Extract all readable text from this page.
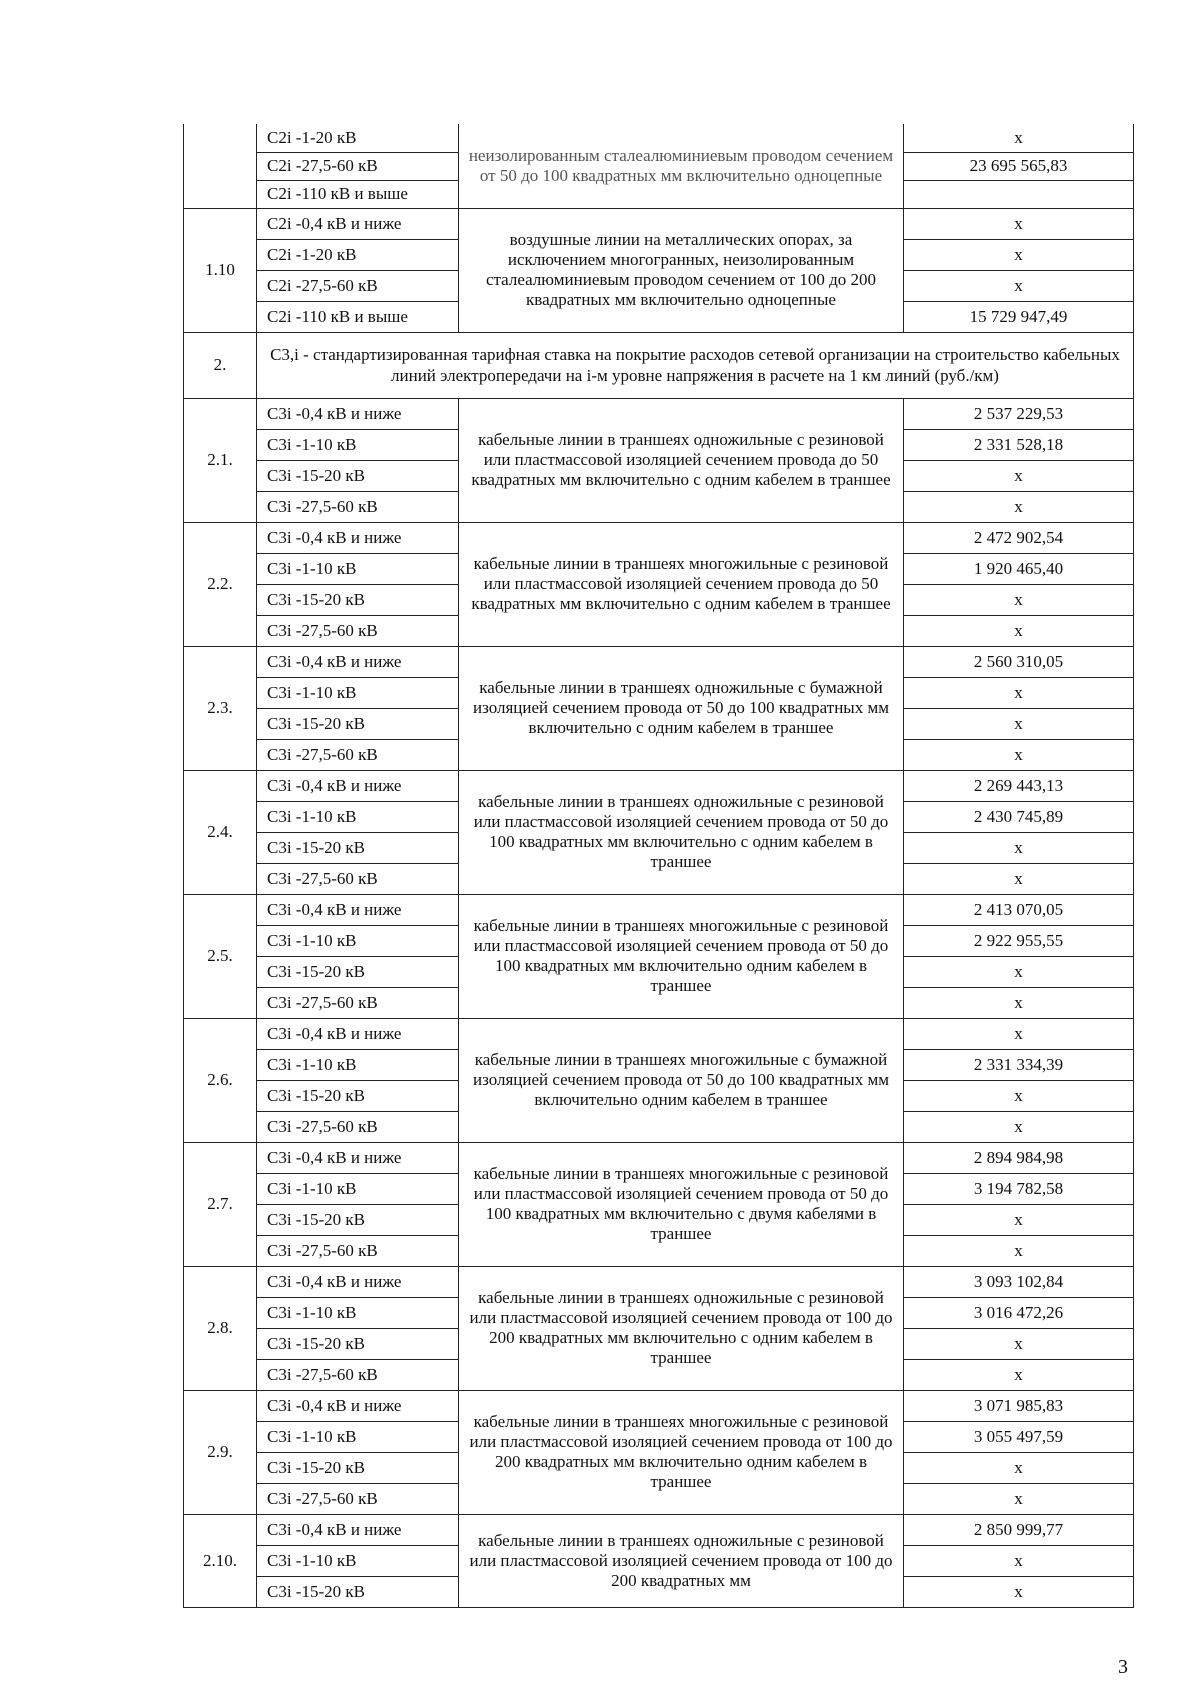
	C2i -1-20 кВ	неизолированным сталеалюминиевым проводом сечением от 50 до 100 квадратных мм включительно одноцепные	x
	C2i -27,5-60 кВ		23 695 565,83
	C2i -110 кВ и выше		
1.10	C2i -0,4 кВ и ниже	воздушные линии на металлических опорах, за исключением многогранных, неизолированным сталеалюминиевым проводом сечением от 100 до 200 квадратных мм включительно одноцепные	x
	C2i -1-20 кВ		x
	C2i -27,5-60 кВ		x
	C2i -110 кВ и выше		15 729 947,49
2.	C3,i - стандартизированная тарифная ставка на покрытие расходов сетевой организации на строительство кабельных линий электропередачи на i-м уровне напряжения в расчете на 1 км линий (руб./км)		
2.1.	C3i -0,4 кВ и ниже	кабельные линии в траншеях одножильные с резиновой или пластмассовой изоляцией сечением провода до 50 квадратных мм включительно с одним кабелем в траншее	2 537 229,53
	C3i -1-10 кВ		2 331 528,18
	C3i -15-20 кВ		x
	C3i -27,5-60 кВ		x
2.2.	C3i -0,4 кВ и ниже	кабельные линии в траншеях многожильные с резиновой или пластмассовой изоляцией сечением провода до 50 квадратных мм включительно с одним кабелем в траншее	2 472 902,54
	C3i -1-10 кВ		1 920 465,40
	C3i -15-20 кВ		x
	C3i -27,5-60 кВ		x
2.3.	C3i -0,4 кВ и ниже	кабельные линии в траншеях одножильные с бумажной изоляцией сечением провода от 50 до 100 квадратных мм включительно с одним кабелем в траншее	2 560 310,05
	C3i -1-10 кВ		x
	C3i -15-20 кВ		x
	C3i -27,5-60 кВ		x
2.4.	C3i -0,4 кВ и ниже	кабельные линии в траншеях одножильные с резиновой или пластмассовой изоляцией сечением провода от 50 до 100 квадратных мм включительно с одним кабелем в траншее	2 269 443,13
	C3i -1-10 кВ		2 430 745,89
	C3i -15-20 кВ		x
	C3i -27,5-60 кВ		x
2.5.	C3i -0,4 кВ и ниже	кабельные линии в траншеях многожильные с резиновой или пластмассовой изоляцией сечением провода от 50 до 100 квадратных мм включительно одним кабелем в траншее	2 413 070,05
	C3i -1-10 кВ		2 922 955,55
	C3i -15-20 кВ		x
	C3i -27,5-60 кВ		x
2.6.	C3i -0,4 кВ и ниже	кабельные линии в траншеях многожильные с бумажной изоляцией сечением провода от 50 до 100 квадратных мм включительно одним кабелем в траншее	x
	C3i -1-10 кВ		2 331 334,39
	C3i -15-20 кВ		x
	C3i -27,5-60 кВ		x
2.7.	C3i -0,4 кВ и ниже	кабельные линии в траншеях многожильные с резиновой или пластмассовой изоляцией сечением провода от 50 до 100 квадратных мм включительно с двумя кабелями в траншее	2 894 984,98
	C3i -1-10 кВ		3 194 782,58
	C3i -15-20 кВ		x
	C3i -27,5-60 кВ		x
2.8.	C3i -0,4 кВ и ниже	кабельные линии в траншеях одножильные с резиновой или пластмассовой изоляцией сечением провода от 100 до 200 квадратных мм включительно с одним кабелем в траншее	3 093 102,84
	C3i -1-10 кВ		3 016 472,26
	C3i -15-20 кВ		x
	C3i -27,5-60 кВ		x
2.9.	C3i -0,4 кВ и ниже	кабельные линии в траншеях многожильные с резиновой или пластмассовой изоляцией сечением провода от 100 до 200 квадратных мм включительно одним кабелем в траншее	3 071 985,83
	C3i -1-10 кВ		3 055 497,59
	C3i -15-20 кВ		x
	C3i -27,5-60 кВ		x
2.10.	C3i -0,4 кВ и ниже	кабельные линии в траншеях одножильные с резиновой или пластмассовой изоляцией сечением провода от 100 до 200 квадратных мм	2 850 999,77
	C3i -1-10 кВ		x
	C3i -15-20 кВ		x
3
